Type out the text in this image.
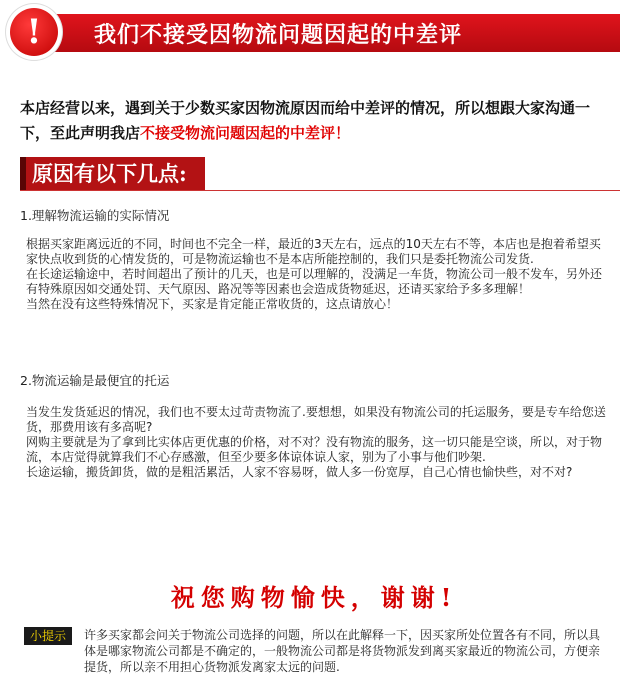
!	我们不接受因物流问题因起的中差评
本店经营以来，遇到关于少数买家因物流原因而给中差评的情况，所以想跟大家沟通一下，至此声明我店不接受物流问题因起的中差评！
原因有以下几点:
1.理解物流运输的实际情况

根据买家距离远近的不同，时间也不完全一样，最近的3天左右，远点的10天左右不等，本店也是抱着希望买家快点收到货的心情发货的，可是物流运输也不是本店所能控制的，我们只是委托物流公司发货.

在长途运输途中，若时间超出了预计的几天，也是可以理解的，没满足一车货，物流公司一般不发车，另外还有特殊原因如交通处罚、天气原因、路况等等因素也会造成货物延迟，还请买家给予多多理解！

当然在没有这些特殊情况下，买家是肯定能正常收货的，这点请放心！

2.物流运输是最便宜的托运

当发生发货延迟的情况，我们也不要太过苛责物流了.要想想，如果没有物流公司的托运服务，要是专车给您送货，那费用该有多高呢?

网购主要就是为了拿到比实体店更优惠的价格，对不对？没有物流的服务，这一切只能是空谈，所以，对于物流，本店觉得就算我们不心存感激，但至少要多体谅体谅人家，别为了小事与他们吵架.

长途运输，搬货卸货，做的是粗活累活，人家不容易呀，做人多一份宽厚，自己心情也愉快些，对不对?

祝您购物愉快，谢谢!
小提示	许多买家都会问关于物流公司选择的问题，所以在此解释一下，因买家所处位置各有不同，所以具体是哪家物流公司都是不确定的，一般物流公司都是将货物派发到离买家最近的物流公司，方便亲提货，所以亲不用担心货物派发离家太远的问题.
